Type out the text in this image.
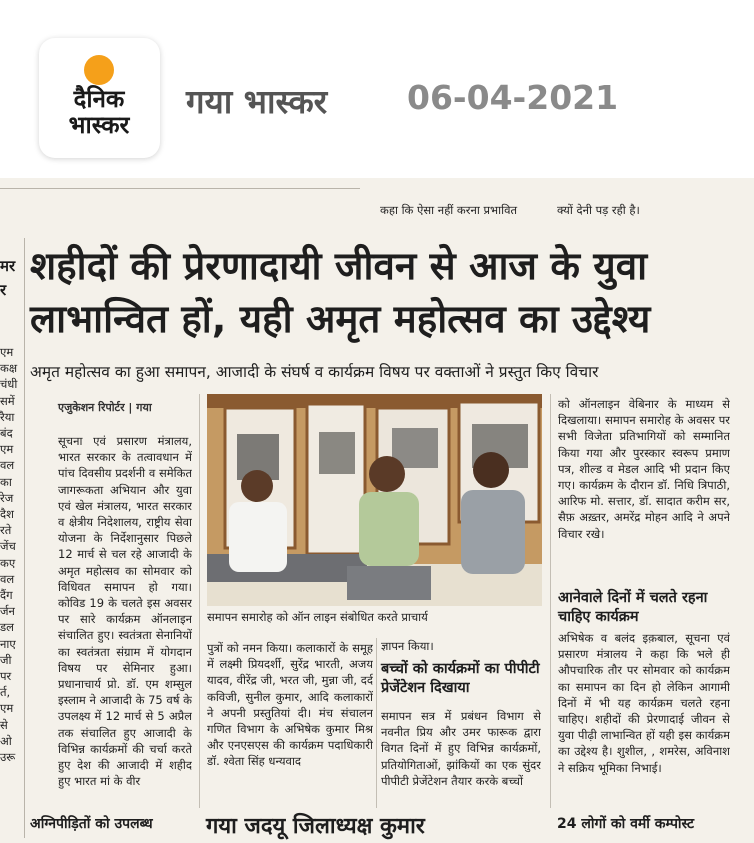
दैनिक भास्कर
गया भास्कर 06-04-2021
कहा कि ऐसा नहीं करना प्रभावित	क्यों देनी पड़ रही है।
मर
र
एम
कक्ष
चंधी
समें
रैया
बंद
एम
वल
का
रेज
दैश
रते
जेंच
कए
वल
दैंग
र्जन
डल
नाए
जी
पर
र्त,
एम
से
ओ
उरू
शहीदों की प्रेरणादायी जीवन से आज के युवा
लाभान्वित हों, यही अमृत महोत्सव का उद्देश्य
अमृत महोत्सव का हुआ समापन, आजादी के संघर्ष व कार्यक्रम विषय पर वक्ताओं ने प्रस्तुत किए विचार
एजुकेशन रिपोर्टर | गया
सूचना एवं प्रसारण मंत्रालय, भारत सरकार के तत्वावधान में पांच दिवसीय प्रदर्शनी व समेकित जागरूकता अभियान और युवा एवं खेल मंत्रालय, भारत सरकार व क्षेत्रीय निदेशालय, राष्ट्रीय सेवा योजना के निर्देशानुसार पिछले 12 मार्च से चल रहे आजादी के अमृत महोत्सव का सोमवार को विधिवत समापन हो गया। कोविड 19 के चलते इस अवसर पर सारे कार्यक्रम ऑनलाइन संचालित हुए। स्वतंत्रता सेनानियों का स्वतंत्रता संग्राम में योगदान विषय पर सेमिनार हुआ। प्रधानाचार्य प्रो. डॉ. एम शम्सुल इस्लाम ने आजादी के 75 वर्ष के उपलक्ष्य में 12 मार्च से 5 अप्रैल तक संचालित हुए आजादी के विभिन्न कार्यक्रमों की चर्चा करते हुए देश की आजादी में शहीद हुए भारत मां के वीर
समापन समारोह को ऑन लाइन संबोधित करते प्राचार्य
पुत्रों को नमन किया। कलाकारों के समूह में लक्ष्मी प्रियदर्शी, सुरेंद्र भारती, अजय यादव, वीरेंद्र जी, भरत जी, मुन्ना जी, दर्द कविजी, सुनील कुमार, आदि कलाकारों ने अपनी प्रस्तुतियां दी। मंच संचालन गणित विभाग के अभिषेक कुमार मिश्र और एनएसएस की कार्यक्रम पदाधिकारी डॉ. श्वेता सिंह धन्यवाद
ज्ञापन किया।
बच्चों को कार्यक्रमों का पीपीटी प्रेजेंटेशन दिखाया
समापन सत्र में प्रबंधन विभाग से नवनीत प्रिय और उमर फारूक द्वारा विगत दिनों में हुए विभिन्न कार्यक्रमों, प्रतियोगिताओं, झांकियों का एक सुंदर पीपीटी प्रेजेंटेशन तैयार करके बच्चों
को ऑनलाइन वेबिनार के माध्यम से दिखलाया। समापन समारोह के अवसर पर सभी विजेता प्रतिभागियों को सम्मानित किया गया और पुरस्कार स्वरूप प्रमाण पत्र, शील्ड व मेडल आदि भी प्रदान किए गए। कार्यक्रम के दौरान डॉ. निधि त्रिपाठी, आरिफ मो. सत्तार, डॉ. सादात करीम सर, सैफ़ अख़्तर, अमरेंद्र मोहन आदि ने अपने विचार रखे।
आनेवाले दिनों में चलते रहना चाहिए कार्यक्रम
अभिषेक व बलंद इक़बाल, सूचना एवं प्रसारण मंत्रालय ने कहा कि भले ही औपचारिक तौर पर सोमवार को कार्यक्रम का समापन का दिन हो लेकिन आगामी दिनों में भी यह कार्यक्रम चलते रहना चाहिए। शहीदों की प्रेरणादाई जीवन से युवा पीढ़ी लाभान्वित हों यही इस कार्यक्रम का उद्देश्य है। शुशील, , शमरेस, अविनाश ने सक्रिय भूमिका निभाई।
अग्निपीड़ितों को उपलब्ध गया जदयू जिलाध्यक्ष कुमार	24 लोगों को वर्मी कम्पोस्ट
